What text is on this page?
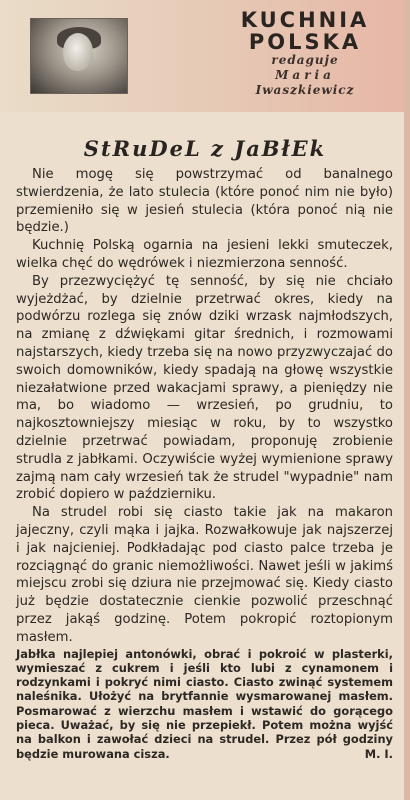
KUCHNIA
POLSKA
redaguje
Maria
Iwaszkiewicz
StRuDeL z JaBłEk

Nie mogę się powstrzymać od banalnego stwierdzenia, że lato stulecia (które ponoć nim nie było) przemieniło się w jesień stulecia (która ponoć nią nie będzie.)

Kuchnię Polską ogarnia na jesieni lekki smuteczek, wielka chęć do wędrówek i niezmierzona senność.

By przezwyciężyć tę senność, by się nie chciało wyjeżdżać, by dzielnie przetrwać okres, kiedy na podwórzu rozlega się znów dziki wrzask najmłodszych, na zmianę z dźwiękami gitar średnich, i rozmowami najstarszych, kiedy trzeba się na nowo przyzwyczajać do swoich domowników, kiedy spadają na głowę wszystkie niezałatwione przed wakacjami sprawy, a pieniędzy nie ma, bo wiadomo — wrzesień, po grudniu, to najkosztowniejszy miesiąc w roku, by to wszystko dzielnie przetrwać powiadam, proponuję zrobienie strudla z jabłkami. Oczywiście wyżej wymienione sprawy zajmą nam cały wrzesień tak że strudel "wypadnie" nam zrobić dopiero w październiku.

Na strudel robi się ciasto takie jak na makaron jajeczny, czyli mąka i jajka. Rozwałkowuje jak najszerzej i jak najcieniej. Podkładając pod ciasto palce trzeba je rozciągnąć do granic niemożliwości. Nawet jeśli w jakimś miejscu zrobi się dziura nie przejmować się. Kiedy ciasto już będzie dostatecznie cienkie pozwolić przeschnąć przez jakąś godzinę. Potem pokropić roztopionym masłem.

Jabłka najlepiej antonówki, obrać i pokroić w plasterki, wymieszać z cukrem i jeśli kto lubi z cynamonem i rodzynkami i pokryć nimi ciasto. Ciasto zwinąć systemem naleśnika. Ułożyć na brytfannie wysmarowanej masłem. Posmarować z wierzchu masłem i wstawić do gorącego pieca. Uważać, by się nie przepiekł. Potem można wyjść na balkon i zawołać dzieci na strudel. Przez pół godziny będzie murowana cisza.	M. I.
